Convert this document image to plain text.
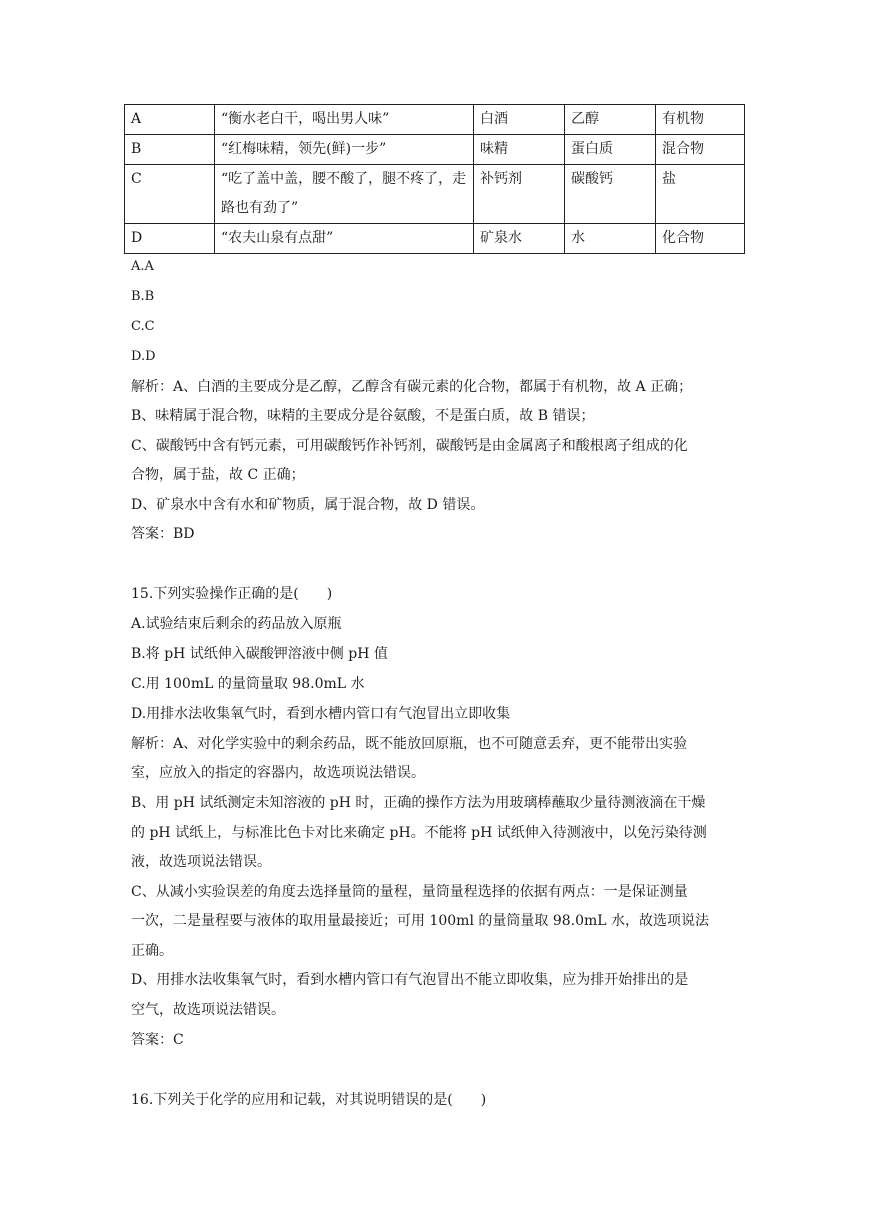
A	“衡水老白干，喝出男人味”	白酒	乙醇	有机物
B	“红梅味精，领先(鲜)一步”	味精	蛋白质	混合物
C	“吃了盖中盖，腰不酸了，腿不疼了，走路也有劲了”	补钙剂	碳酸钙	盐
D	“农夫山泉有点甜”	矿泉水	水	化合物
A.A
B.B
C.C
D.D
解析：A、白酒的主要成分是乙醇，乙醇含有碳元素的化合物，都属于有机物，故 A 正确；
B、味精属于混合物，味精的主要成分是谷氨酸，不是蛋白质，故 B 错误；
C、碳酸钙中含有钙元素，可用碳酸钙作补钙剂，碳酸钙是由金属离子和酸根离子组成的化
合物，属于盐，故 C 正确；
D、矿泉水中含有水和矿物质，属于混合物，故 D 错误。
答案：BD
15.下列实验操作正确的是(　　)
A.试验结束后剩余的药品放入原瓶
B.将 pH 试纸伸入碳酸钾溶液中侧 pH 值
C.用 100mL 的量筒量取 98.0mL 水
D.用排水法收集氧气时，看到水槽内管口有气泡冒出立即收集
解析：A、对化学实验中的剩余药品，既不能放回原瓶，也不可随意丢弃，更不能带出实验
室，应放入的指定的容器内，故选项说法错误。
B、用 pH 试纸测定未知溶液的 pH 时，正确的操作方法为用玻璃棒蘸取少量待测液滴在干燥
的 pH 试纸上，与标准比色卡对比来确定 pH。不能将 pH 试纸伸入待测液中，以免污染待测
液，故选项说法错误。
C、从减小实验误差的角度去选择量筒的量程，量筒量程选择的依据有两点：一是保证测量
一次，二是量程要与液体的取用量最接近；可用 100ml 的量筒量取 98.0mL 水，故选项说法
正确。
D、用排水法收集氧气时，看到水槽内管口有气泡冒出不能立即收集，应为排开始排出的是
空气，故选项说法错误。
答案：C
16.下列关于化学的应用和记载，对其说明错误的是(　　)
